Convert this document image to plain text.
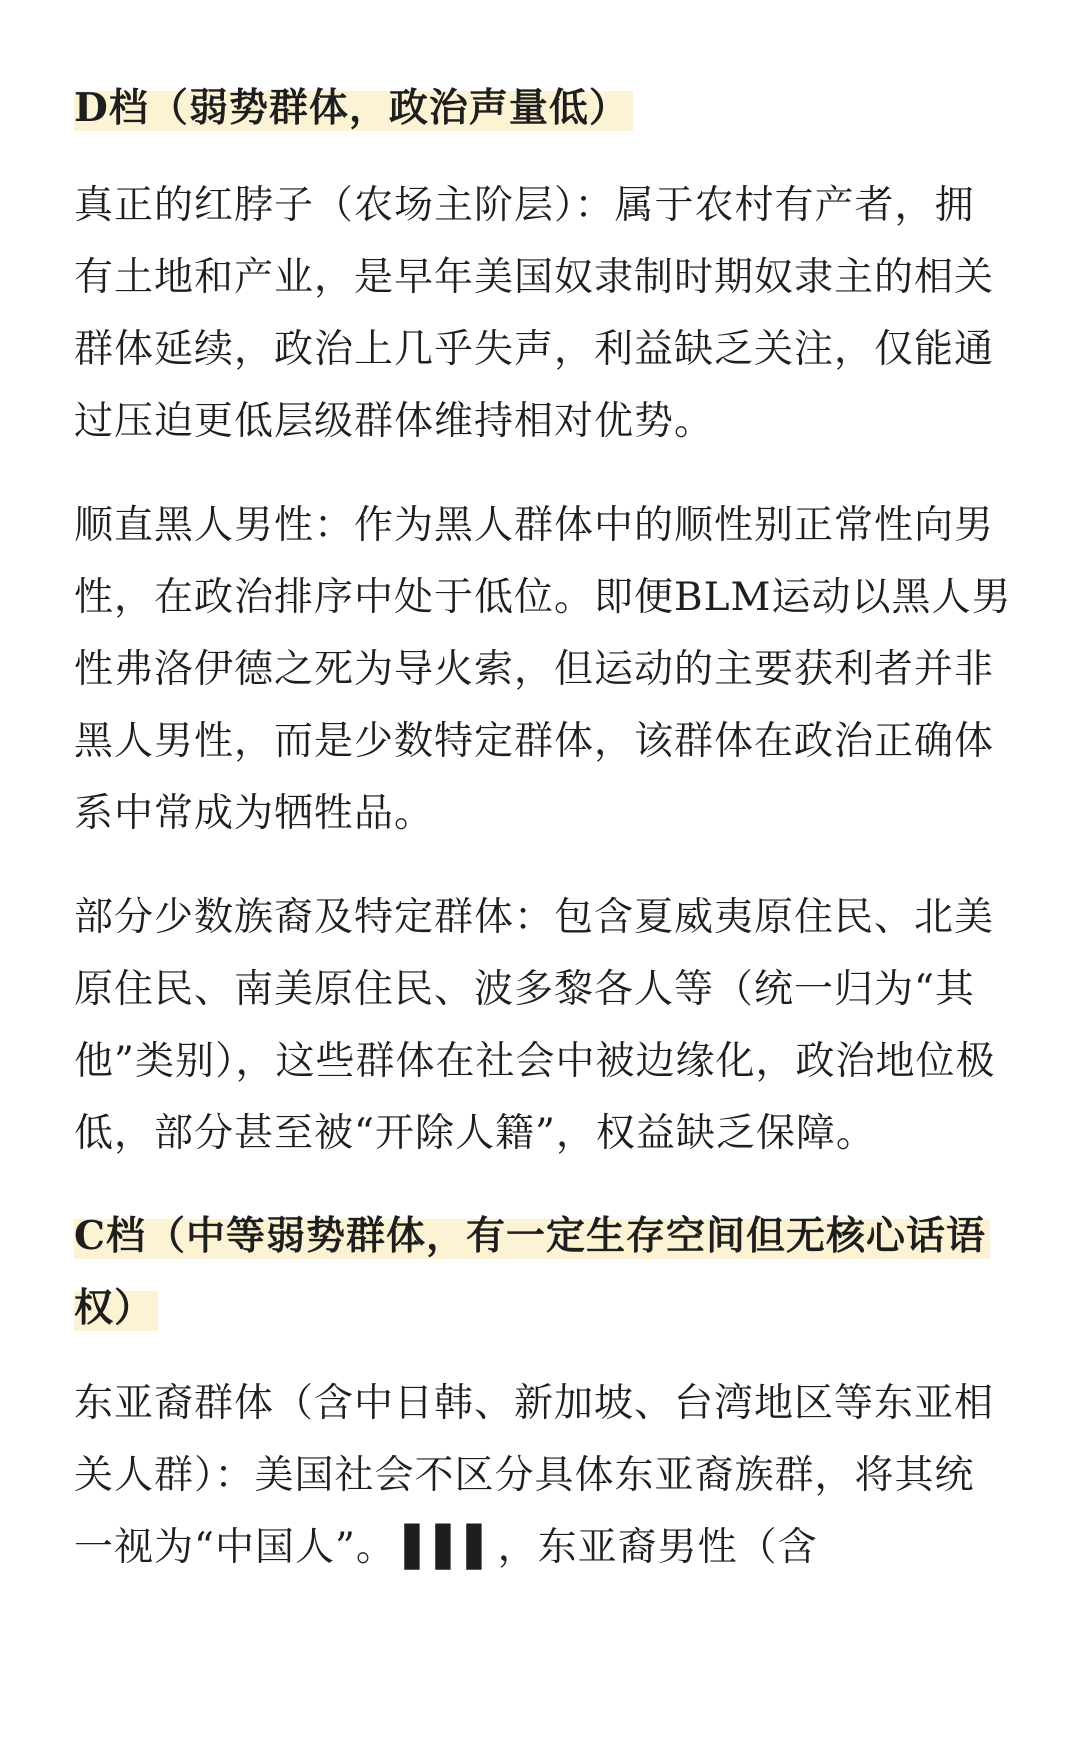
D档（弱势群体，政治声量低）

真正的红脖子（农场主阶层）：属于农村有产者，拥有土地和产业，是早年美国奴隶制时期奴隶主的相关群体延续，政治上几乎失声，利益缺乏关注，仅能通过压迫更低层级群体维持相对优势。

顺直黑人男性：作为黑人群体中的顺性别正常性向男性，在政治排序中处于低位。即便BLM运动以黑人男性弗洛伊德之死为导火索，但运动的主要获利者并非黑人男性，而是少数特定群体，该群体在政治正确体系中常成为牺牲品。

部分少数族裔及特定群体：包含夏威夷原住民、北美原住民、南美原住民、波多黎各人等（统一归为“其他”类别），这些群体在社会中被边缘化，政治地位极低，部分甚至被“开除人籍”，权益缺乏保障。

C档（中等弱势群体，有一定生存空间但无核心话语权）

东亚裔群体（含中日韩、新加坡、台湾地区等东亚相关人群）：美国社会不区分具体东亚裔族群，将其统一视为“中国人”。 ▌▌▌，东亚裔男性（含
